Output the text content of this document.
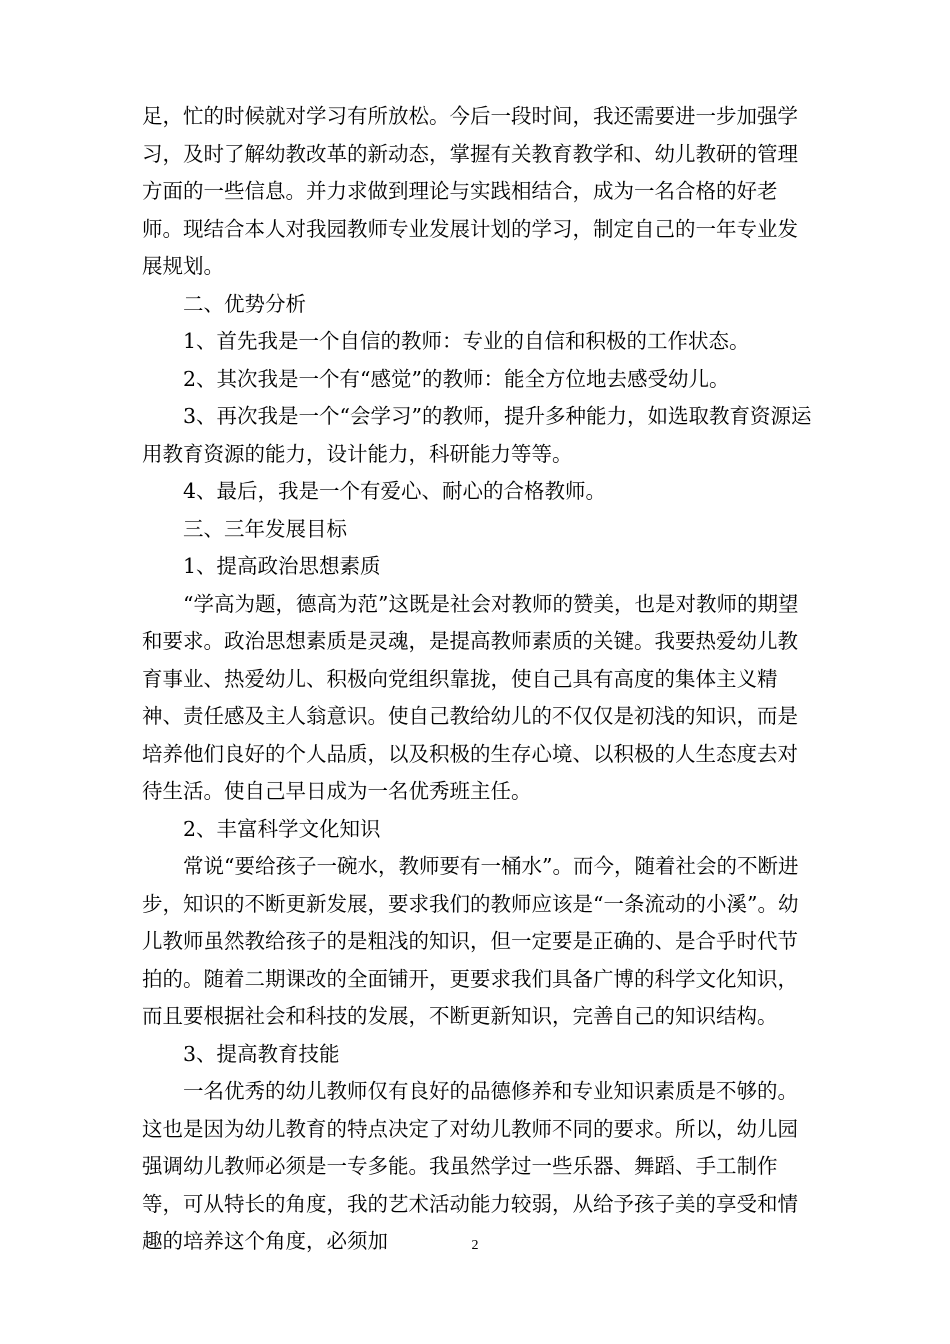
足，忙的时候就对学习有所放松。今后一段时间，我还需要进一步加强学习，及时了解幼教改革的新动态，掌握有关教育教学和、幼儿教研的管理方面的一些信息。并力求做到理论与实践相结合，成为一名合格的好老师。现结合本人对我园教师专业发展计划的学习，制定自己的一年专业发展规划。

二、优势分析

1、首先我是一个自信的教师：专业的自信和积极的工作状态。

2、其次我是一个有“感觉”的教师：能全方位地去感受幼儿。

3、再次我是一个“会学习”的教师，提升多种能力，如选取教育资源运用教育资源的能力，设计能力，科研能力等等。

4、最后，我是一个有爱心、耐心的合格教师。

三、三年发展目标

1、提高政治思想素质

“学高为题，德高为范”这既是社会对教师的赞美，也是对教师的期望和要求。政治思想素质是灵魂，是提高教师素质的关键。我要热爱幼儿教育事业、热爱幼儿、积极向党组织靠拢，使自己具有高度的集体主义精神、责任感及主人翁意识。使自己教给幼儿的不仅仅是初浅的知识，而是培养他们良好的个人品质，以及积极的生存心境、以积极的人生态度去对待生活。使自己早日成为一名优秀班主任。

2、丰富科学文化知识

常说“要给孩子一碗水，教师要有一桶水”。而今，随着社会的不断进步，知识的不断更新发展，要求我们的教师应该是“一条流动的小溪”。幼儿教师虽然教给孩子的是粗浅的知识，但一定要是正确的、是合乎时代节拍的。随着二期课改的全面铺开，更要求我们具备广博的科学文化知识，而且要根据社会和科技的发展，不断更新知识，完善自己的知识结构。

3、提高教育技能

一名优秀的幼儿教师仅有良好的品德修养和专业知识素质是不够的。这也是因为幼儿教育的特点决定了对幼儿教师不同的要求。所以，幼儿园强调幼儿教师必须是一专多能。我虽然学过一些乐器、舞蹈、手工制作等，可从特长的角度，我的艺术活动能力较弱，从给予孩子美的享受和情趣的培养这个角度，必须加	2
